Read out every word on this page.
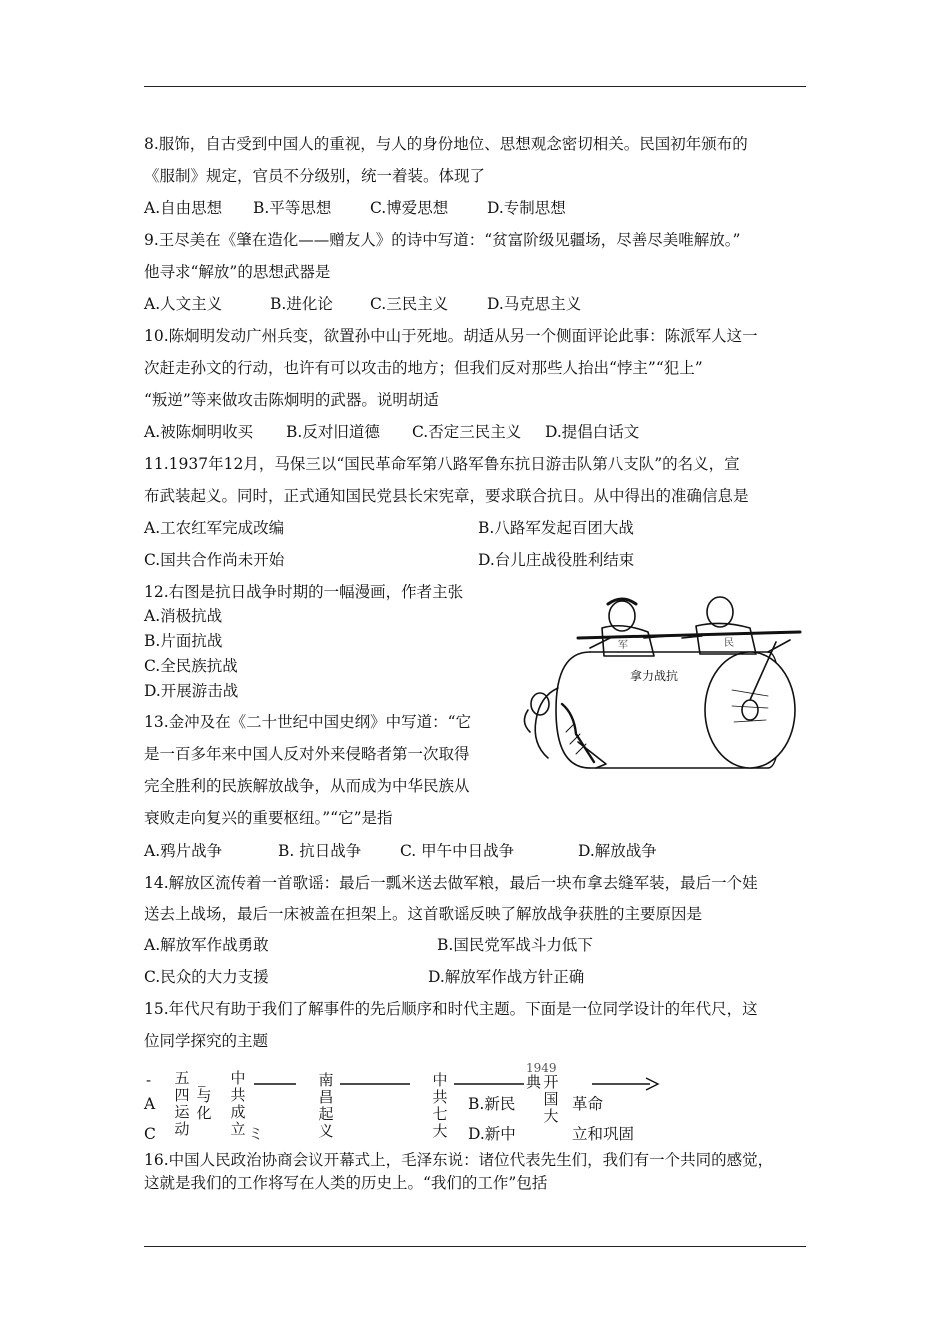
8.服饰，自古受到中国人的重视，与人的身份地位、思想观念密切相关。民国初年颁布的
《服制》规定，官员不分级别，统一着装。体现了
A.自由思想 B.平等思想 C.博爱思想	D.专制思想
9.王尽美在《肇在造化——赠友人》的诗中写道：“贫富阶级见疆场，尽善尽美唯解放。”
他寻求“解放”的思想武器是
A.人文主义	B.进化论 C.三民主义	D.马克思主义
10.陈炯明发动广州兵变，欲置孙中山于死地。胡适从另一个侧面评论此事：陈派军人这一
次赶走孙文的行动，也许有可以攻击的地方；但我们反对那些人抬出“悖主”“犯上”
“叛逆”等来做攻击陈炯明的武器。说明胡适
A.被陈炯明收买 B.反对旧道德 C.否定三民主义 D.提倡白话文
11.1937年12月，马保三以“国民革命军第八路军鲁东抗日游击队第八支队”的名义，宣
布武装起义。同时，正式通知国民党县长宋宪章，要求联合抗日。从中得出的准确信息是
A.工农红军完成改编	B.八路军发起百团大战
C.国共合作尚未开始	D.台儿庄战役胜利结束
12.右图是抗日战争时期的一幅漫画，作者主张
A.消极抗战
B.片面抗战
C.全民族抗战
D.开展游击战
拿力战抗
军	民
13.金冲及在《二十世纪中国史纲》中写道：“它
是一百多年来中国人反对外来侵略者第一次取得
完全胜利的民族解放战争，从而成为中华民族从
衰败走向复兴的重要枢纽。”“它”是指
A.鸦片战争	B. 抗日战争	C. 甲午中日战争	D.解放战争
14.解放区流传着一首歌谣：最后一瓢米送去做军粮，最后一块布拿去缝军装，最后一个娃
送去上战场，最后一床被盖在担架上。这首歌谣反映了解放战争获胜的主要原因是
A.解放军作战勇敢	B.国民党军战斗力低下
C.民众的大力支援	D.解放军作战方针正确
15.年代尺有助于我们了解事件的先后顺序和时代主题。下面是一位同学设计的年代尺，这
位同学探究的主题
1949
- 五四运动
与化
_ 中共成立
南昌起义
中共七大
典 开国大
A
C	ミ
B.新民	革命
D.新中	立和巩固
16.中国人民政治协商会议开幕式上，毛泽东说：诸位代表先生们，我们有一个共同的感觉，
这就是我们的工作将写在人类的历史上。“我们的工作”包括
